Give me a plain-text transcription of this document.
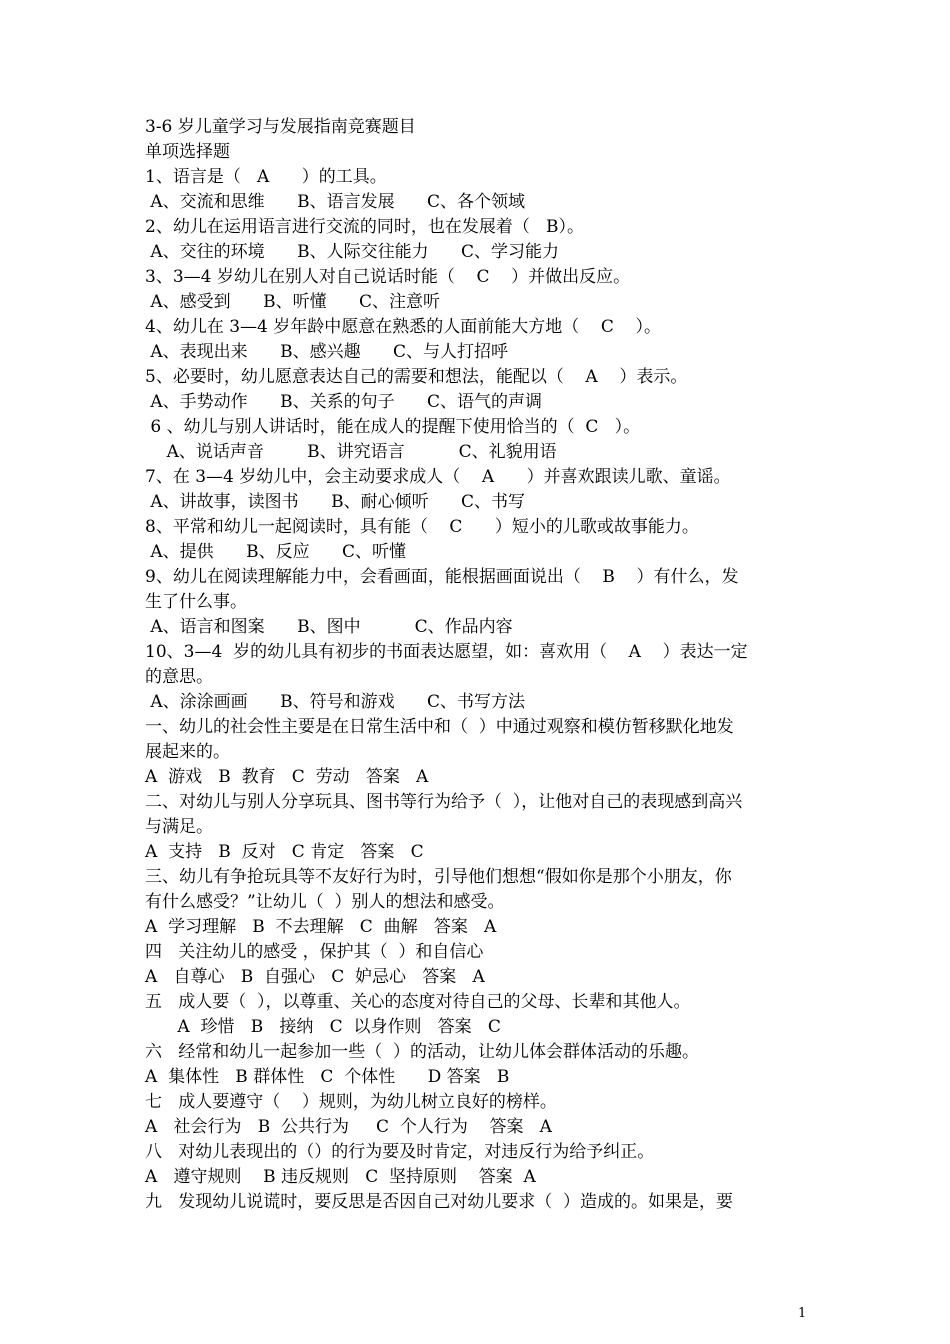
3-6 岁儿童学习与发展指南竞赛题目
单项选择题
1、语言是（   A      ）的工具。
A、交流和思维      B、语言发展      C、各个领域
2、幼儿在运用语言进行交流的同时，也在发展着（   B）。
A、交往的环境      B、人际交往能力      C、学习能力
3、3—4 岁幼儿在别人对自己说话时能（    C    ）并做出反应。
A、感受到      B、听懂      C、注意听
4、幼儿在 3—4 岁年龄中愿意在熟悉的人面前能大方地（    C    ）。
A、表现出来      B、感兴趣      C、与人打招呼
5、必要时，幼儿愿意表达自己的需要和想法，能配以（    A    ）表示。
A、手势动作      B、关系的句子      C、语气的声调
6 、幼儿与别人讲话时，能在成人的提醒下使用恰当的（  C   ）。
A、说话声音        B、讲究语言          C、礼貌用语
7、在 3—4 岁幼儿中，会主动要求成人（    A      ）并喜欢跟读儿歌、童谣。
A、讲故事，读图书      B、耐心倾听      C、书写
8、平常和幼儿一起阅读时，具有能（    C      ）短小的儿歌或故事能力。
A、提供      B、反应      C、听懂
9、幼儿在阅读理解能力中，会看画面，能根据画面说出（    B    ）有什么，发
生了什么事。
A、语言和图案      B、图中          C、作品内容
10、3—4  岁的幼儿具有初步的书面表达愿望，如：喜欢用（    A    ）表达一定
的意思。
A、涂涂画画      B、符号和游戏      C、书写方法
一、幼儿的社会性主要是在日常生活中和（  ）中通过观察和模仿暂移默化地发
展起来的。
A  游戏   B  教育   C  劳动   答案   A
二、对幼儿与别人分享玩具、图书等行为给予（  ），让他对自己的表现感到高兴
与满足。
A  支持   B  反对   C 肯定   答案   C
三、幼儿有争抢玩具等不友好行为时，引导他们想想“假如你是那个小朋友，你
有什么感受？”让幼儿（  ）别人的想法和感受。
A  学习理解   B  不去理解   C  曲解   答案   A
四   关注幼儿的感受 ，保护其（  ）和自信心
A   自尊心   B  自强心   C  妒忌心   答案   A
五   成人要（  ），以尊重、关心的态度对待自己的父母、长辈和其他人。
A  珍惜   B   接纳   C  以身作则   答案   C
六   经常和幼儿一起参加一些（  ）的活动，让幼儿体会群体活动的乐趣。
A  集体性   B 群体性   C  个体性      D 答案   B
七   成人要遵守（    ）规则，为幼儿树立良好的榜样。
A   社会行为   B  公共行为     C  个人行为    答案   A
八   对幼儿表现出的（）的行为要及时肯定，对违反行为给予纠正。
A   遵守规则    B 违反规则   C  坚持原则    答案  A
九   发现幼儿说谎时，要反思是否因自己对幼儿要求（  ）造成的。如果是，要
1
